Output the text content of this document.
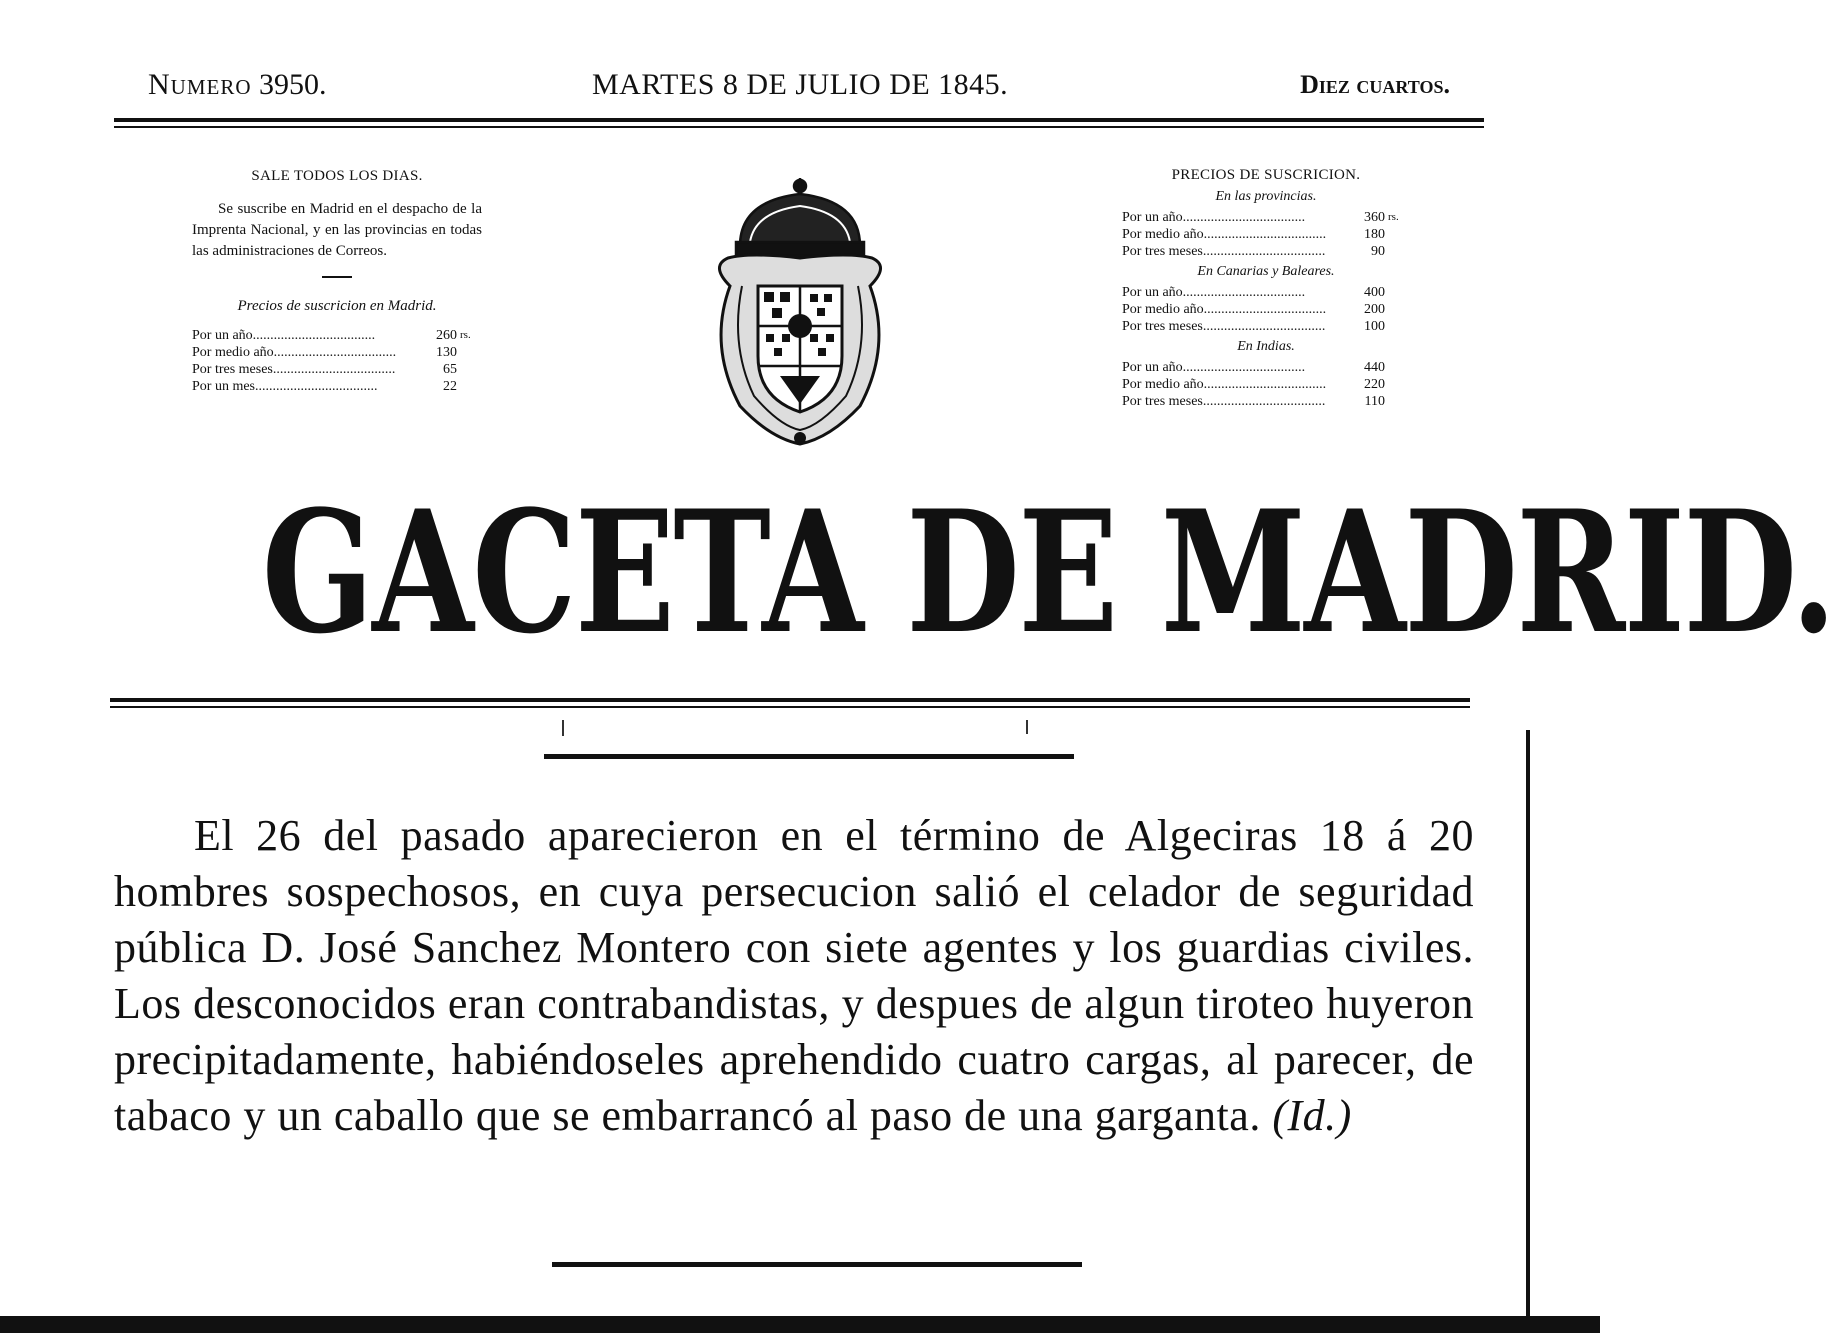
Numero 3950.	MARTES 8 DE JULIO DE 1845.	Diez cuartos.
SALE TODOS LOS DIAS.
Se suscribe en Madrid en el despacho de la Imprenta Nacional, y en las provincias en todas las administraciones de Correos.
Precios de suscricion en Madrid.
Por un año...................................	260	rs.
Por medio año...................................	130	
Por tres meses...................................	65	
Por un mes...................................	22	
PRECIOS DE SUSCRICION.
En las provincias.
Por un año...................................	360	rs.
Por medio año...................................	180	
Por tres meses...................................	90	
En Canarias y Baleares.
Por un año...................................	400	
Por medio año...................................	200	
Por tres meses...................................	100	
En Indias.
Por un año...................................	440	
Por medio año...................................	220	
Por tres meses...................................	110	
GACETA DE MADRID.
El 26 del pasado aparecieron en el término de Algeciras 18 á 20 hombres sospechosos, en cuya persecucion salió el celador de seguridad pública D. José Sanchez Montero con siete agentes y los guardias civiles. Los desconocidos eran contrabandistas, y despues de algun tiroteo huyeron precipitadamente, habiéndoseles aprehendido cuatro cargas, al parecer, de tabaco y un caballo que se embarrancó al paso de una garganta. (Id.)
